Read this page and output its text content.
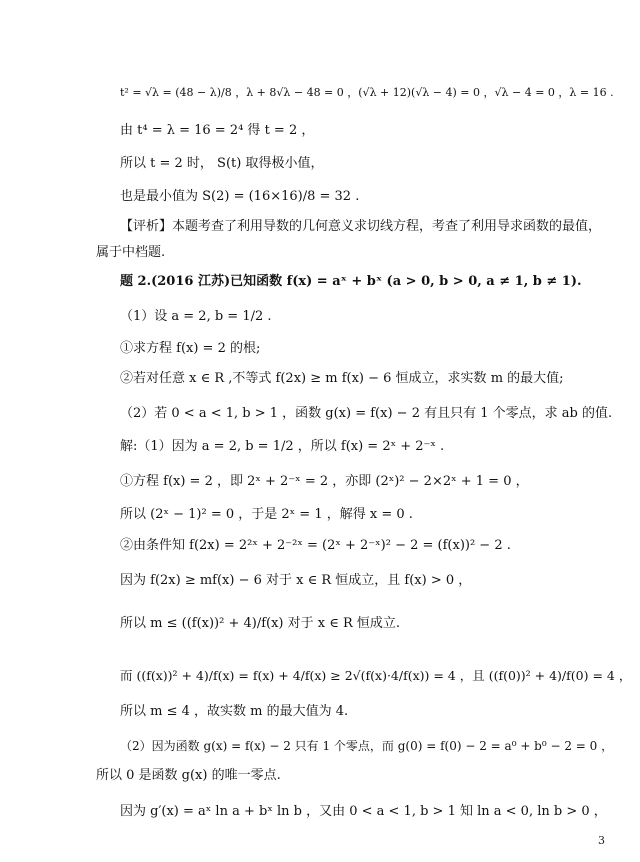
t² = √λ = (48 − λ)/8 ，λ + 8√λ − 48 = 0 ，(√λ + 12)(√λ − 4) = 0 ，√λ − 4 = 0 ，λ = 16 .
由 t⁴ = λ = 16 = 2⁴ 得 t = 2 ，
所以 t = 2 时， S(t) 取得极小值，
也是最小值为 S(2) = (16×16)/8 = 32 .
【评析】本题考查了利用导数的几何意义求切线方程，考查了利用导求函数的最值，
属于中档题.
题 2.(2016 江苏)已知函数 f(x) = aˣ + bˣ (a > 0, b > 0, a ≠ 1, b ≠ 1).
（1）设 a = 2, b = 1/2 .
①求方程 f(x) = 2 的根;
②若对任意 x ∈ R ,不等式 f(2x) ≥ m f(x) − 6 恒成立，求实数 m 的最大值;
（2）若 0 < a < 1, b > 1 ，函数 g(x) = f(x) − 2 有且只有 1 个零点，求 ab 的值.
解:（1）因为 a = 2, b = 1/2 ，所以 f(x) = 2ˣ + 2⁻ˣ .
①方程 f(x) = 2 ，即 2ˣ + 2⁻ˣ = 2 ，亦即 (2ˣ)² − 2×2ˣ + 1 = 0 ，
所以 (2ˣ − 1)² = 0 ，于是 2ˣ = 1 ，解得 x = 0 .
②由条件知 f(2x) = 2²ˣ + 2⁻²ˣ = (2ˣ + 2⁻ˣ)² − 2 = (f(x))² − 2 .
因为 f(2x) ≥ mf(x) − 6 对于 x ∈ R 恒成立，且 f(x) > 0 ，
所以 m ≤ ((f(x))² + 4)/f(x) 对于 x ∈ R 恒成立.
而 ((f(x))² + 4)/f(x) = f(x) + 4/f(x) ≥ 2√(f(x)·4/f(x)) = 4 ，且 ((f(0))² + 4)/f(0) = 4 ，
所以 m ≤ 4 ，故实数 m 的最大值为 4.
（2）因为函数 g(x) = f(x) − 2 只有 1 个零点，而 g(0) = f(0) − 2 = a⁰ + b⁰ − 2 = 0 ，
所以 0 是函数 g(x) 的唯一零点.
因为 g′(x) = aˣ ln a + bˣ ln b ，又由 0 < a < 1, b > 1 知 ln a < 0, ln b > 0 ，
3
